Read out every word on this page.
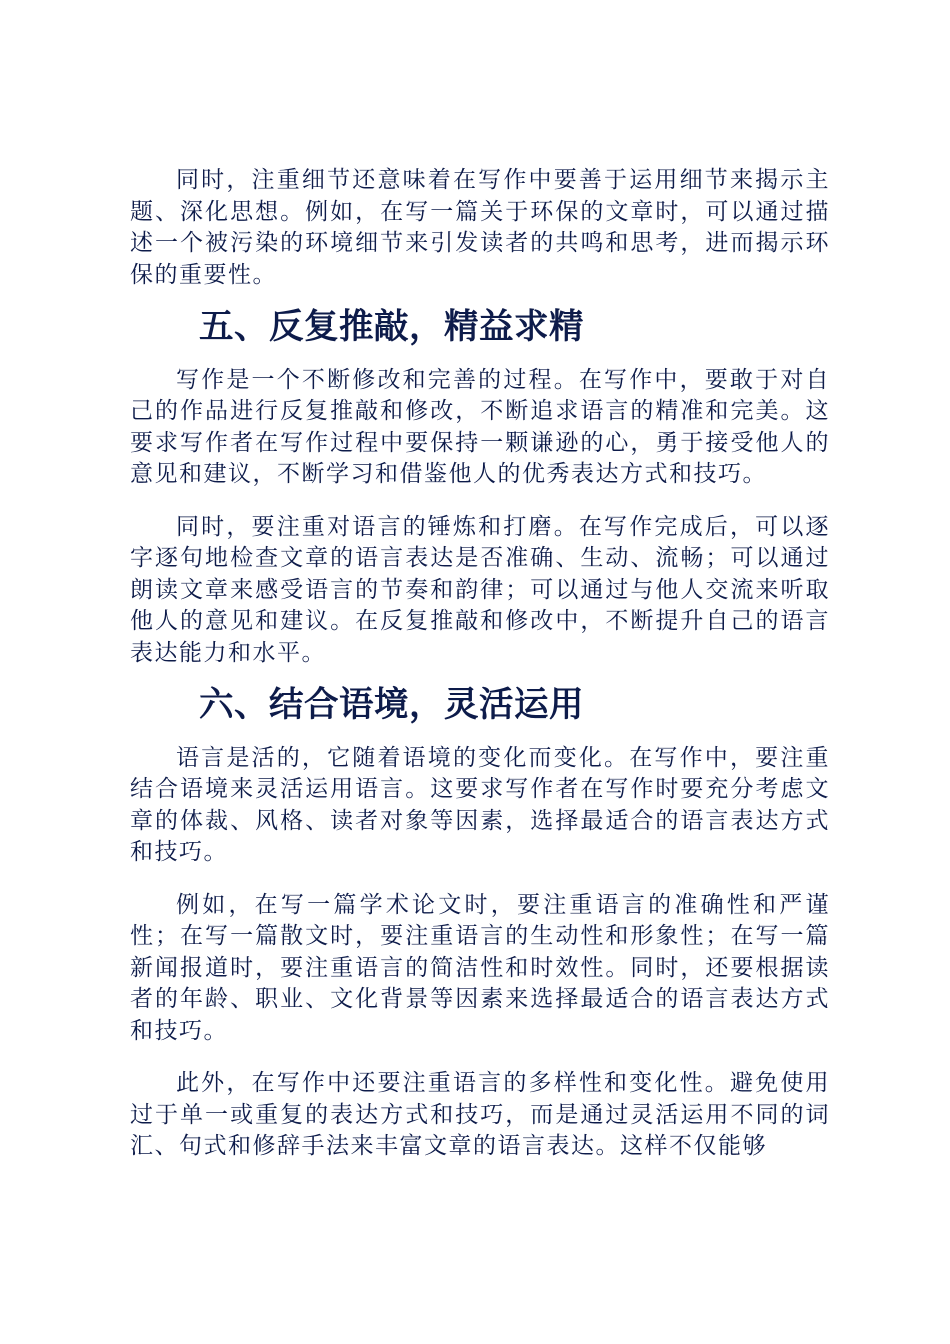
同时，注重细节还意味着在写作中要善于运用细节来揭示主题、深化思想。例如，在写一篇关于环保的文章时，可以通过描述一个被污染的环境细节来引发读者的共鸣和思考，进而揭示环保的重要性。

五、反复推敲，精益求精

写作是一个不断修改和完善的过程。在写作中，要敢于对自己的作品进行反复推敲和修改，不断追求语言的精准和完美。这要求写作者在写作过程中要保持一颗谦逊的心，勇于接受他人的意见和建议，不断学习和借鉴他人的优秀表达方式和技巧。

同时，要注重对语言的锤炼和打磨。在写作完成后，可以逐字逐句地检查文章的语言表达是否准确、生动、流畅；可以通过朗读文章来感受语言的节奏和韵律；可以通过与他人交流来听取他人的意见和建议。在反复推敲和修改中，不断提升自己的语言表达能力和水平。

六、结合语境，灵活运用

语言是活的，它随着语境的变化而变化。在写作中，要注重结合语境来灵活运用语言。这要求写作者在写作时要充分考虑文章的体裁、风格、读者对象等因素，选择最适合的语言表达方式和技巧。

例如，在写一篇学术论文时，要注重语言的准确性和严谨性；在写一篇散文时，要注重语言的生动性和形象性；在写一篇新闻报道时，要注重语言的简洁性和时效性。同时，还要根据读者的年龄、职业、文化背景等因素来选择最适合的语言表达方式和技巧。

此外，在写作中还要注重语言的多样性和变化性。避免使用过于单一或重复的表达方式和技巧，而是通过灵活运用不同的词汇、句式和修辞手法来丰富文章的语言表达。这样不仅能够
